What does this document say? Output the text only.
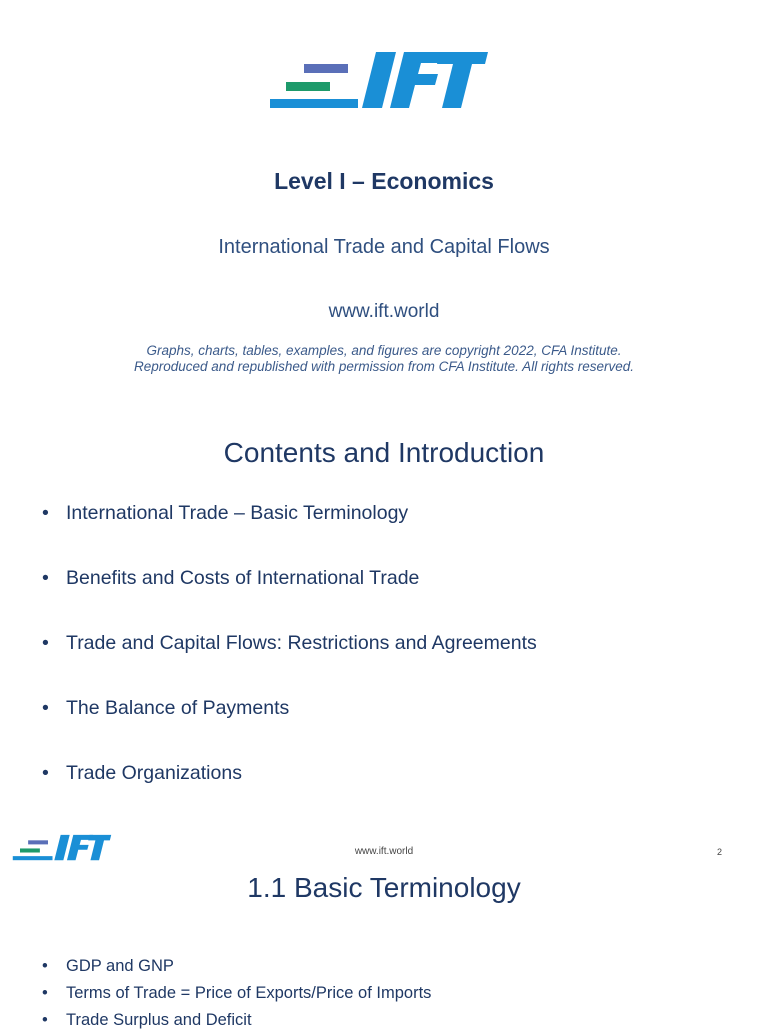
Level I – Economics
International Trade and Capital Flows
www.ift.world
Graphs, charts, tables, examples, and figures are copyright 2022, CFA Institute.
Reproduced and republished with permission from CFA Institute. All rights reserved.
Contents and Introduction
• International Trade – Basic Terminology
• Benefits and Costs of International Trade
• Trade and Capital Flows: Restrictions and Agreements
• The Balance of Payments
• Trade Organizations
www.ift.world	2
1.1 Basic Terminology
• GDP and GNP
• Terms of Trade = Price of Exports/Price of Imports
• Trade Surplus and Deficit
